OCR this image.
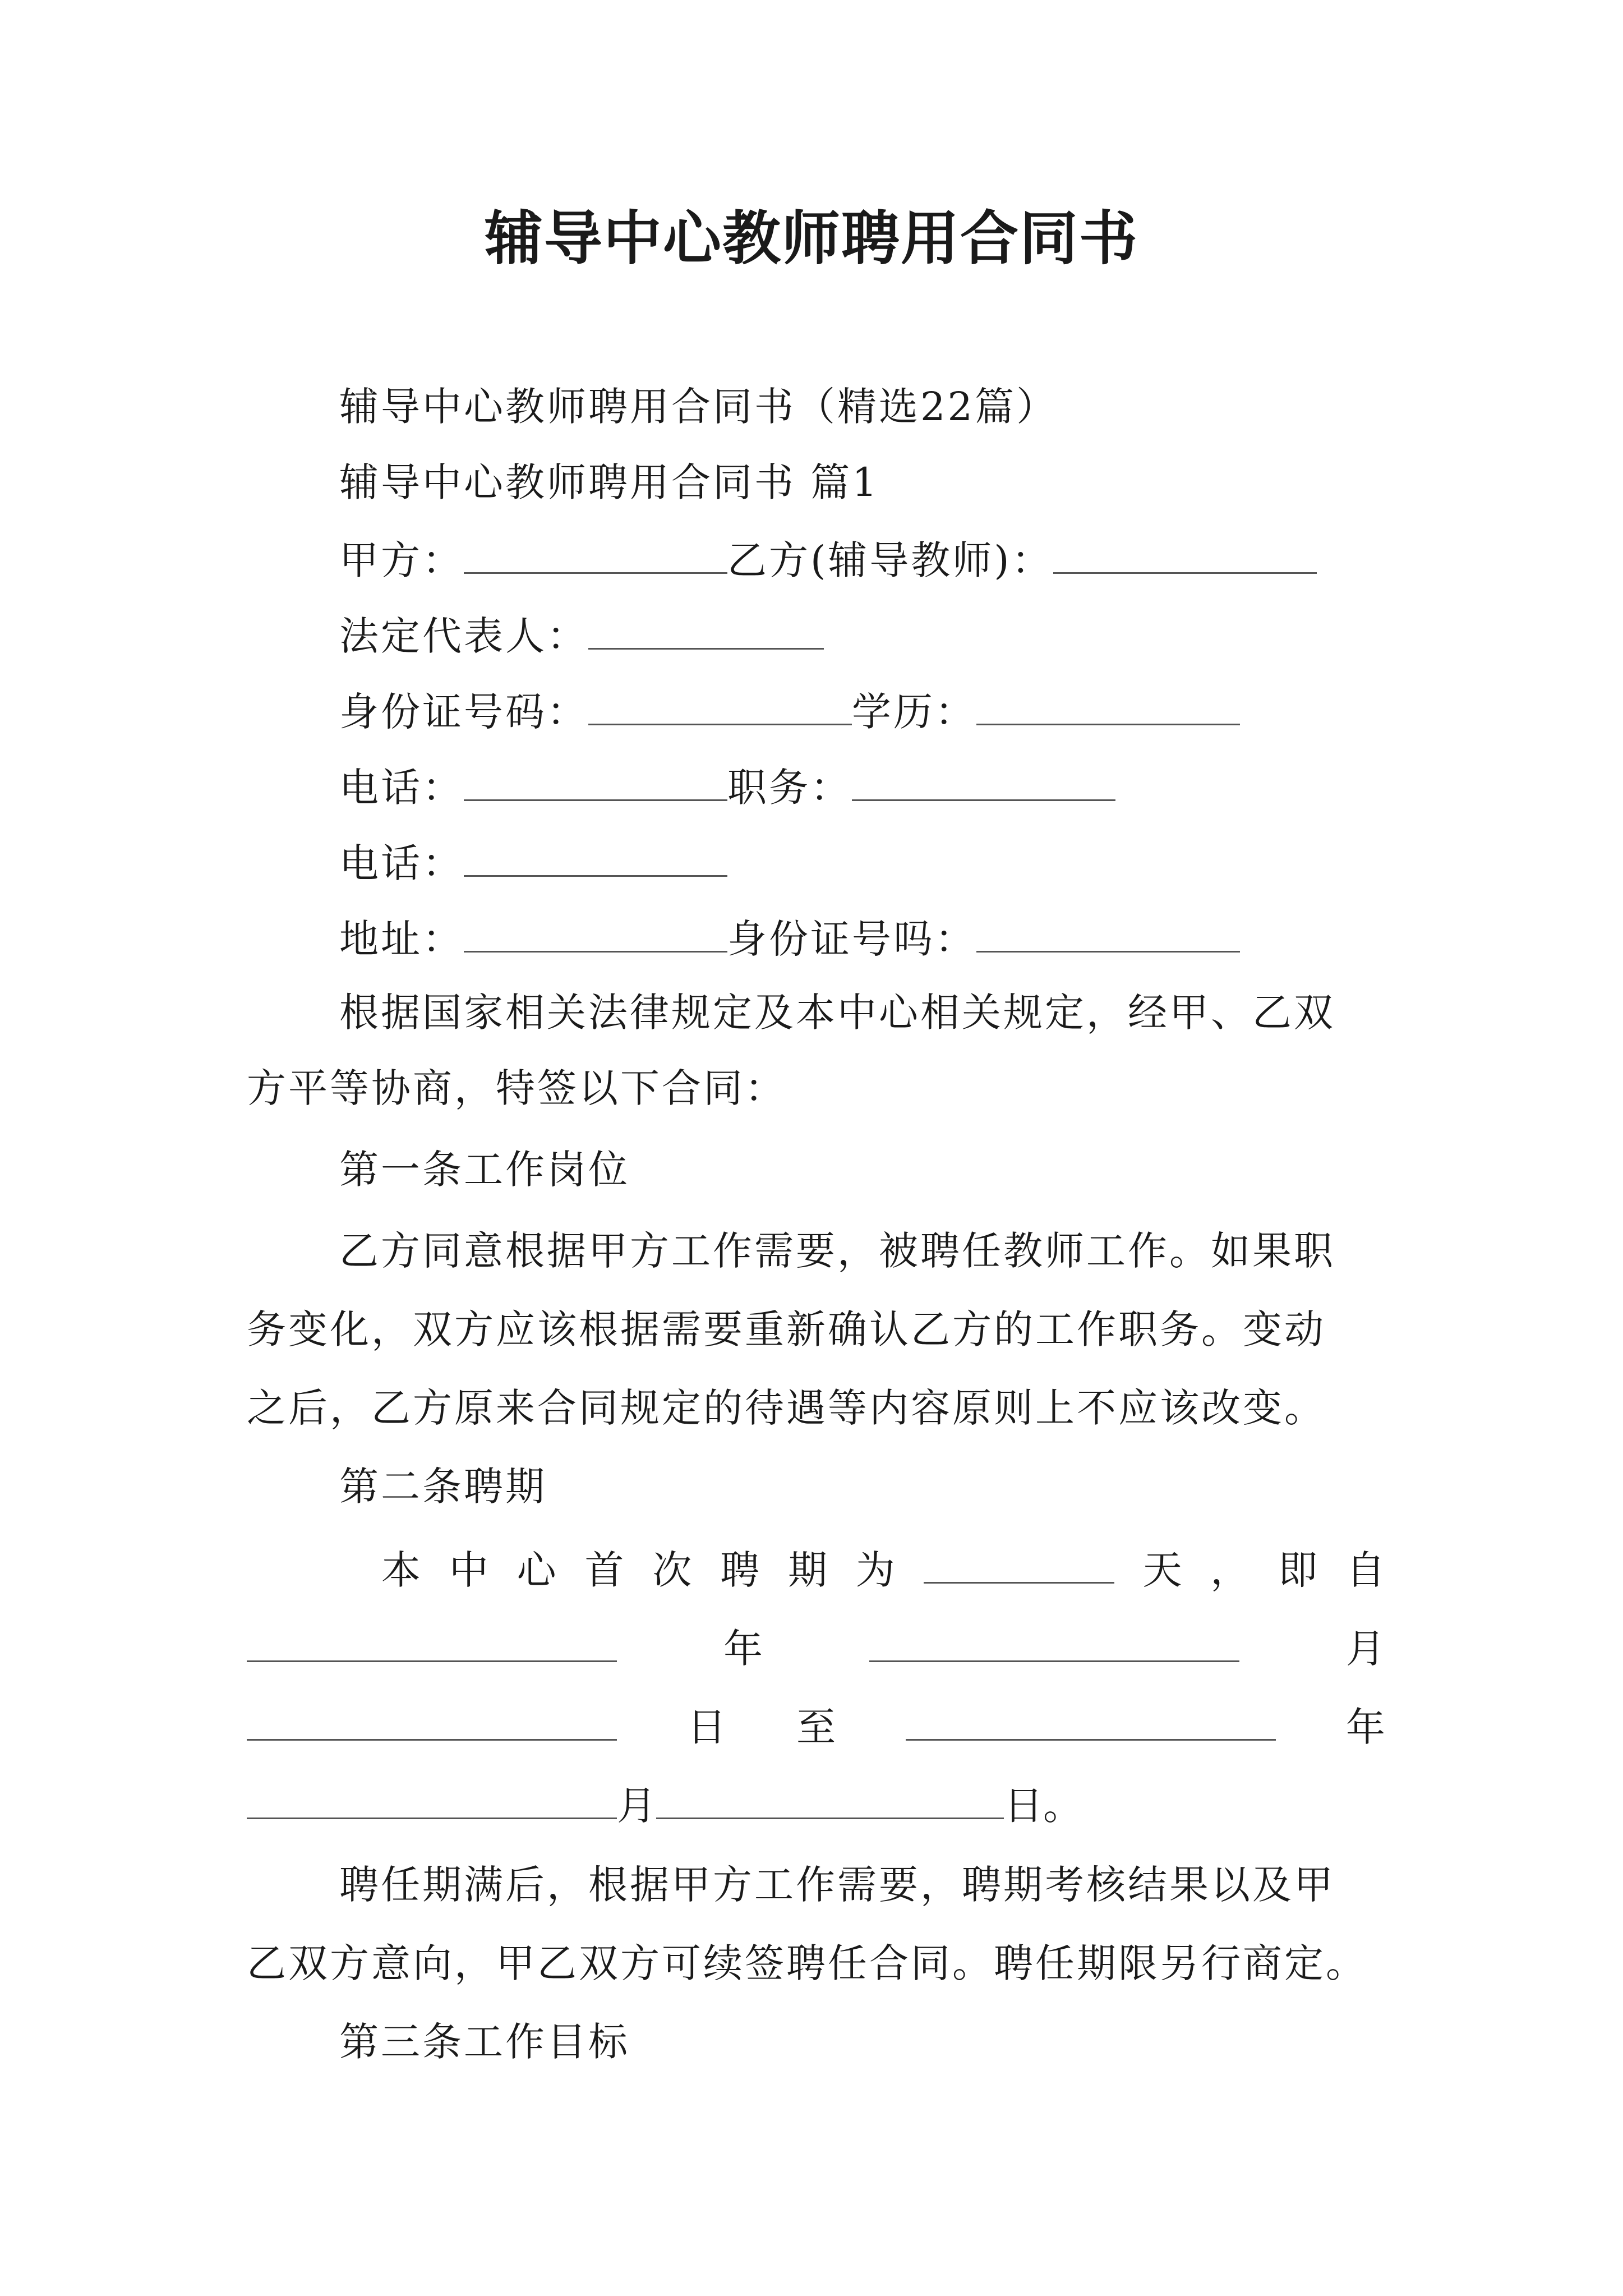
辅导中心教师聘用合同书
辅导中心教师聘用合同书（精选22篇）
辅导中心教师聘用合同书 篇1
甲方：	乙方(辅导教师)：
法定代表人：
身份证号码：	学历：
电话：	职务：
电话：
地址：	身份证号吗：
根据国家相关法律规定及本中心相关规定，经甲、乙双
方平等协商，特签以下合同：
第一条工作岗位
乙方同意根据甲方工作需要，被聘任教师工作。如果职
务变化，双方应该根据需要重新确认乙方的工作职务。变动
之后，乙方原来合同规定的待遇等内容原则上不应该改变。
第二条聘期
本 中 心 首 次 聘 期 为	天 ， 即 自
年	月
日 至	年
月	日。
聘任期满后，根据甲方工作需要，聘期考核结果以及甲
乙双方意向，甲乙双方可续签聘任合同。聘任期限另行商定。
第三条工作目标
